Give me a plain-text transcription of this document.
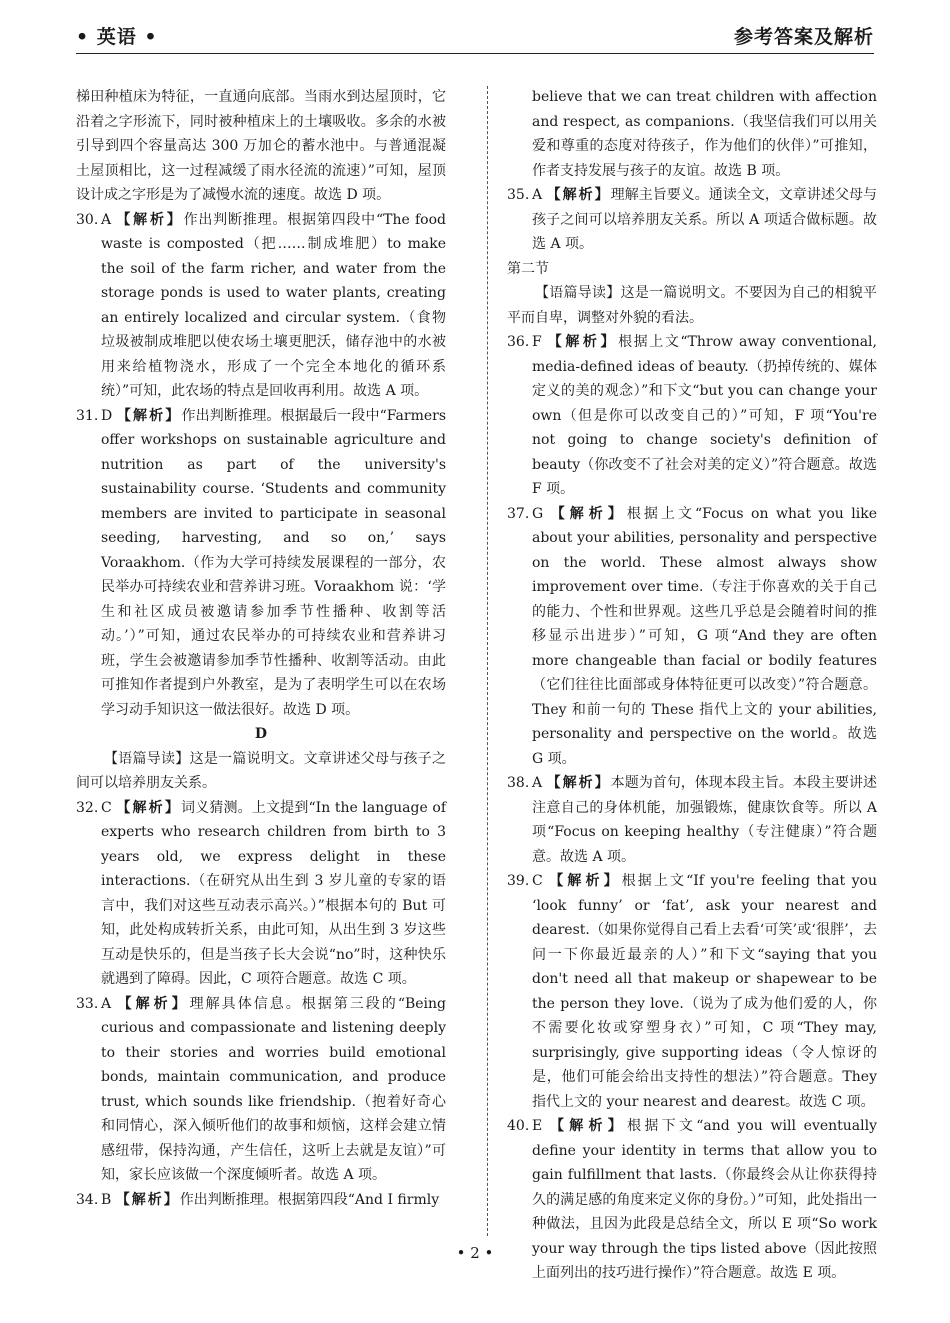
• 英语 •	参考答案及解析

梯田种植床为特征，一直通向底部。当雨水到达屋顶时，它沿着之字形流下，同时被种植床上的土壤吸收。多余的水被引导到四个容量高达 300 万加仑的蓄水池中。与普通混凝土屋顶相比，这一过程减缓了雨水径流的流速）”可知，屋顶设计成之字形是为了减慢水流的速度。故选 D 项。

30. A 【解析】作出判断推理。根据第四段中“The food waste is composted（把……制成堆肥）to make the soil of the farm richer, and water from the storage ponds is used to water plants, creating an entirely localized and circular system.（食物垃圾被制成堆肥以使农场土壤更肥沃，储存池中的水被用来给植物浇水，形成了一个完全本地化的循环系统）”可知，此农场的特点是回收再利用。故选 A 项。
31. D 【解析】作出判断推理。根据最后一段中“Farmers offer workshops on sustainable agriculture and nutrition as part of the university's sustainability course. ‘Students and community members are invited to participate in seasonal seeding, harvesting, and so on,’ says Voraakhom.（作为大学可持续发展课程的一部分，农民举办可持续农业和营养讲习班。Voraakhom 说：‘学生和社区成员被邀请参加季节性播种、收割等活动。’）”可知，通过农民举办的可持续农业和营养讲习班，学生会被邀请参加季节性播种、收割等活动。由此可推知作者提到户外教室，是为了表明学生可以在农场学习动手知识这一做法很好。故选 D 项。

D

【语篇导读】这是一篇说明文。文章讲述父母与孩子之间可以培养朋友关系。

32. C 【解析】词义猜测。上文提到“In the language of experts who research children from birth to 3 years old, we express delight in these interactions.（在研究从出生到 3 岁儿童的专家的语言中，我们对这些互动表示高兴。）”根据本句的 But 可知，此处构成转折关系，由此可知，从出生到 3 岁这些互动是快乐的，但是当孩子长大会说“no”时，这种快乐就遇到了障碍。因此，C 项符合题意。故选 C 项。
33. A 【解析】理解具体信息。根据第三段的“Being curious and compassionate and listening deeply to their stories and worries build emotional bonds, maintain communication, and produce trust, which sounds like friendship.（抱着好奇心和同情心，深入倾听他们的故事和烦恼，这样会建立情感纽带，保持沟通，产生信任，这听上去就是友谊）”可知，家长应该做一个深度倾听者。故选 A 项。
34. B 【解析】作出判断推理。根据第四段“And I firmly

believe that we can treat children with affection and respect, as companions.（我坚信我们可以用关爱和尊重的态度对待孩子，作为他们的伙伴）”可推知，作者支持发展与孩子的友谊。故选 B 项。

35. A 【解析】理解主旨要义。通读全文，文章讲述父母与孩子之间可以培养朋友关系。所以 A 项适合做标题。故选 A 项。

第二节

【语篇导读】这是一篇说明文。不要因为自己的相貌平平而自卑，调整对外貌的看法。

36. F 【解析】根据上文“Throw away conventional, media-defined ideas of beauty.（扔掉传统的、媒体定义的美的观念）”和下文“but you can change your own（但是你可以改变自己的）”可知，F 项“You're not going to change society's definition of beauty（你改变不了社会对美的定义）”符合题意。故选 F 项。
37. G 【解析】根据上文“Focus on what you like about your abilities, personality and perspective on the world. These almost always show improvement over time.（专注于你喜欢的关于自己的能力、个性和世界观。这些几乎总是会随着时间的推移显示出进步）”可知，G 项“And they are often more changeable than facial or bodily features（它们往往比面部或身体特征更可以改变）”符合题意。They 和前一句的 These 指代上文的 your abilities, personality and perspective on the world。故选 G 项。
38. A 【解析】本题为首句，体现本段主旨。本段主要讲述注意自己的身体机能，加强锻炼，健康饮食等。所以 A 项“Focus on keeping healthy（专注健康）”符合题意。故选 A 项。
39. C 【解析】根据上文“If you're feeling that you ‘look funny’ or ‘fat’, ask your nearest and dearest.（如果你觉得自己看上去看‘可笑’或‘很胖’，去问一下你最近最亲的人）”和下文“saying that you don't need all that makeup or shapewear to be the person they love.（说为了成为他们爱的人，你不需要化妆或穿塑身衣）”可知，C 项“They may, surprisingly, give supporting ideas（令人惊讶的是，他们可能会给出支持性的想法）”符合题意。They 指代上文的 your nearest and dearest。故选 C 项。
40. E 【解析】根据下文“and you will eventually define your identity in terms that allow you to gain fulfillment that lasts.（你最终会从让你获得持久的满足感的角度来定义你的身份。）”可知，此处指出一种做法，且因为此段是总结全文，所以 E 项“So work your way through the tips listed above（因此按照上面列出的技巧进行操作）”符合题意。故选 E 项。
• 2 •
